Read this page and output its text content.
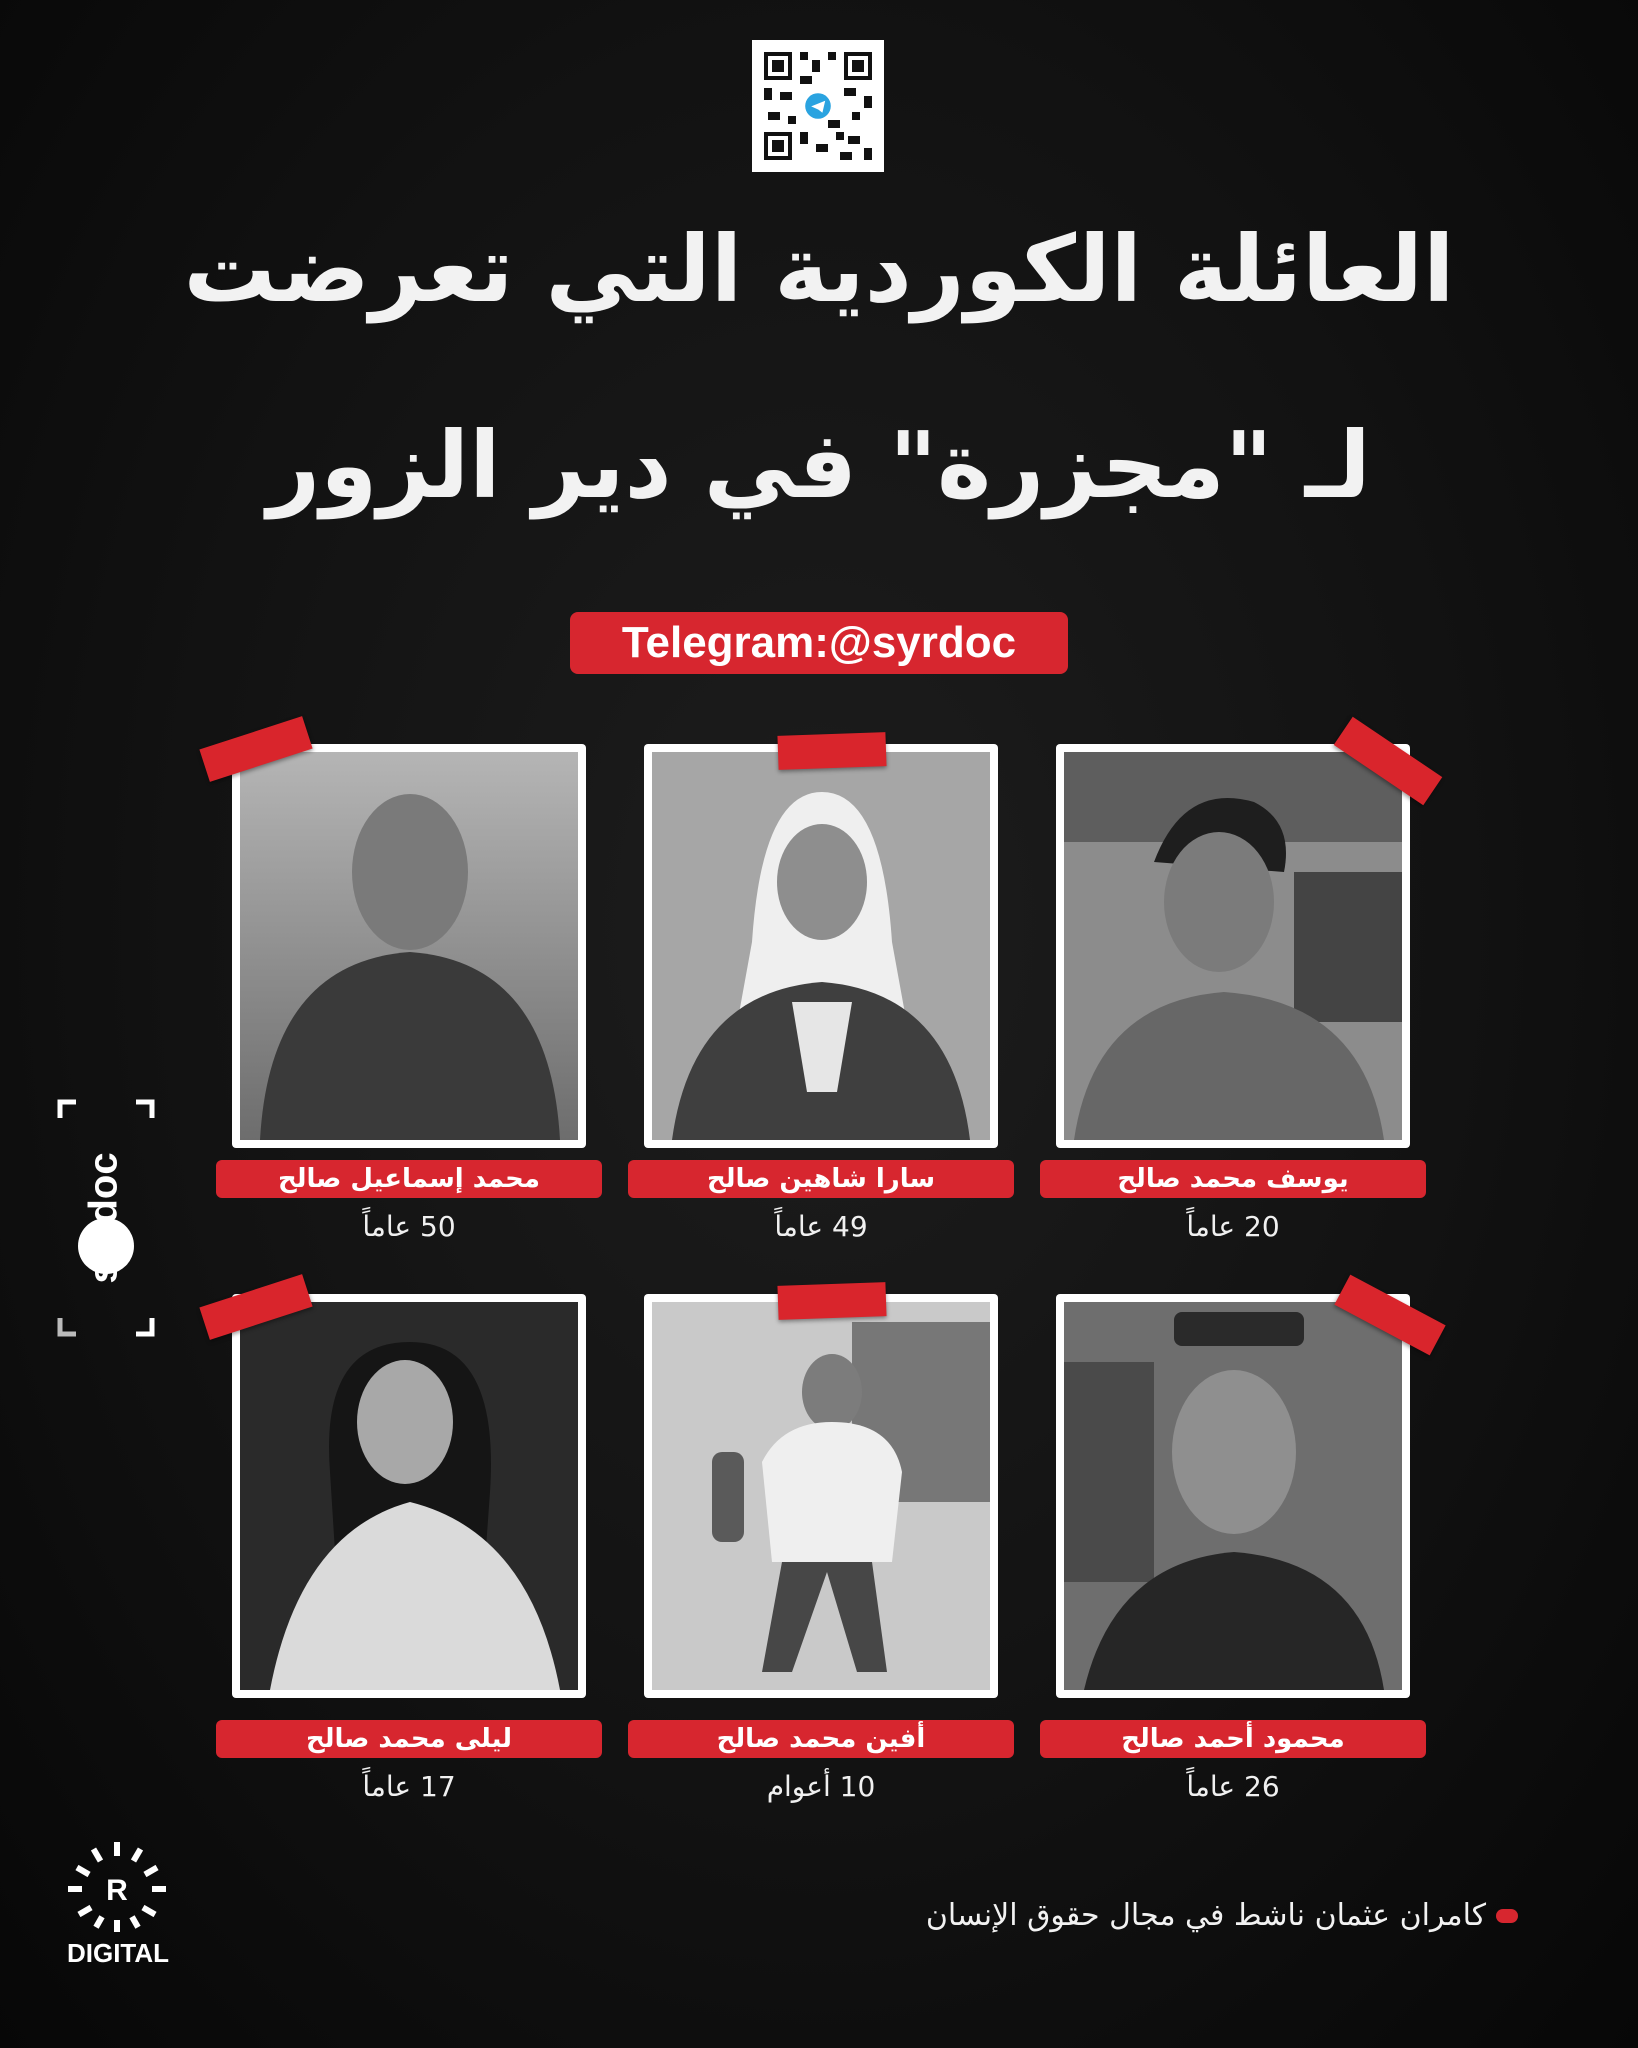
العائلة الكوردية التي تعرضت
لـ "مجزرة" في دير الزور
Telegram:@syrdoc
محمد إسماعيل صالح
50 عاماً
سارا شاهين صالح
49 عاماً
يوسف محمد صالح
20 عاماً
ليلى محمد صالح
17 عاماً
أفين محمد صالح
10 أعوام
محمود أحمد صالح
26 عاماً
syrdoc
R
DIGITAL
كامران عثمان ناشط في مجال حقوق الإنسان
